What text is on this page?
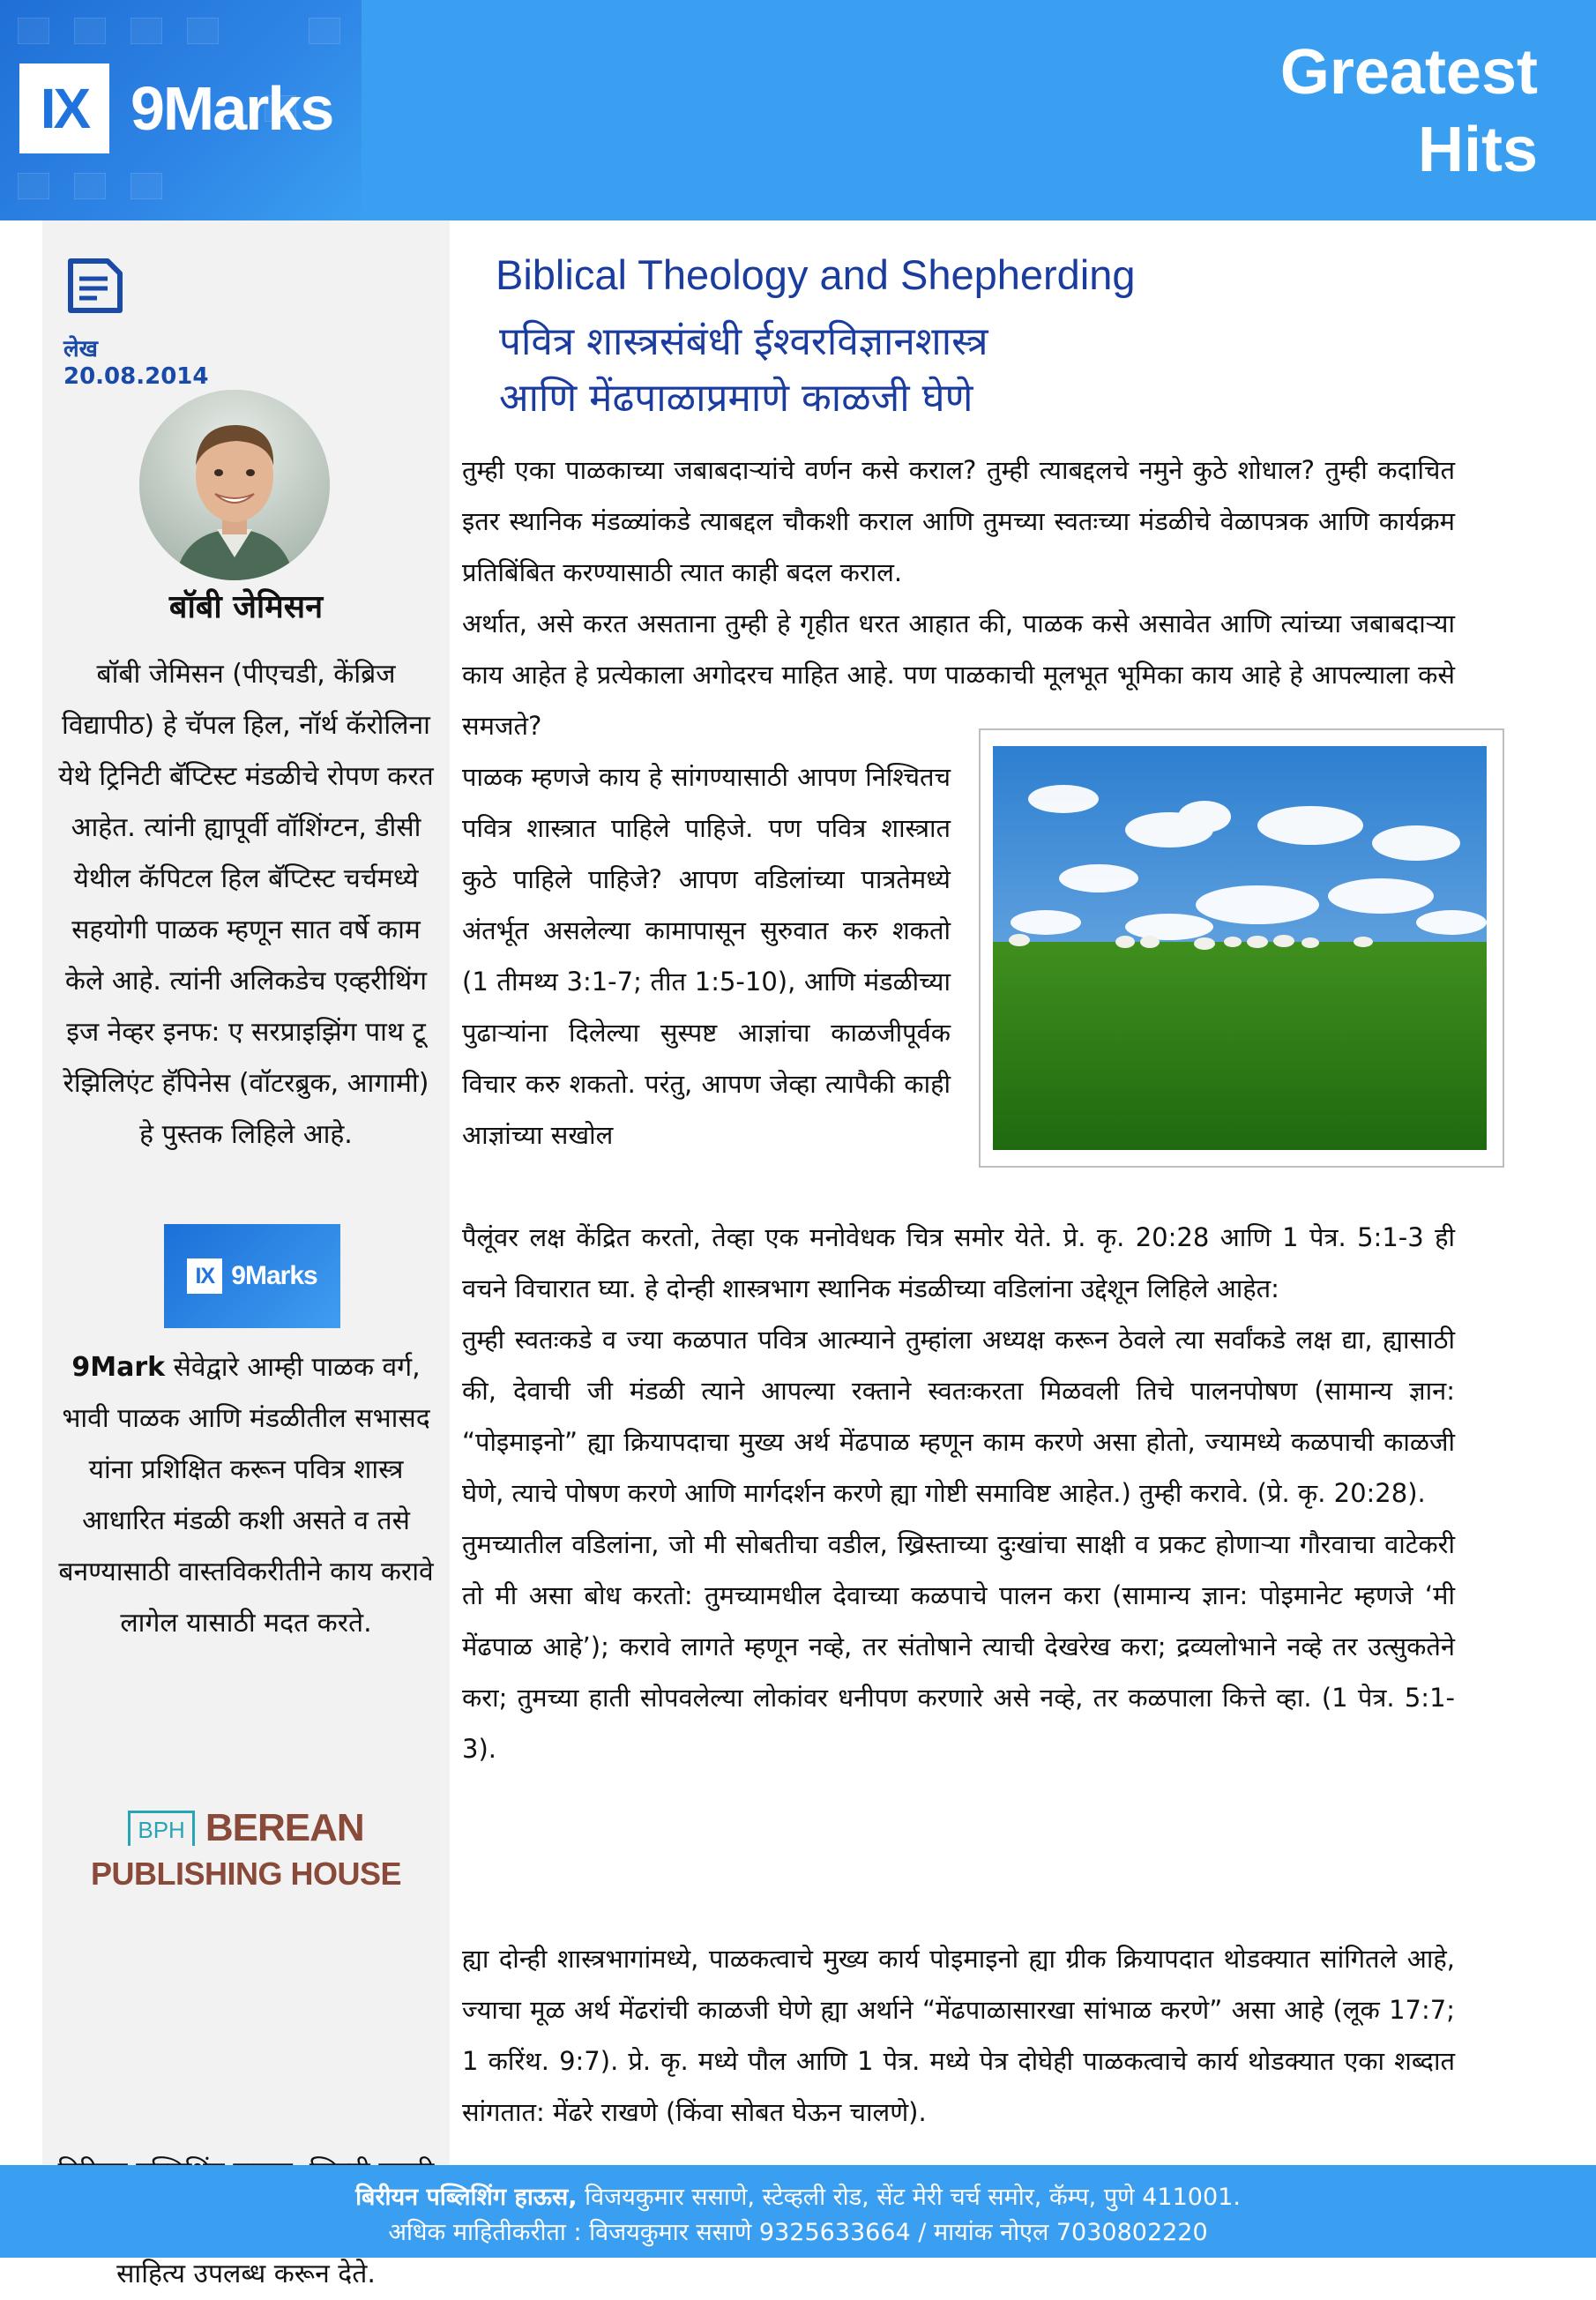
IX 9Marks
Greatest
Hits
लेख
20.08.2014
बॉबी जेमिसन
बॉबी जेमिसन (पीएचडी, केंब्रिज विद्यापीठ) हे चॅपल हिल, नॉर्थ कॅरोलिना येथे ट्रिनिटी बॅप्टिस्ट मंडळीचे रोपण करत आहेत. त्यांनी ह्यापूर्वी वॉशिंग्टन, डीसी येथील कॅपिटल हिल बॅप्टिस्ट चर्चमध्ये सहयोगी पाळक म्हणून सात वर्षे काम केले आहे. त्यांनी अलिकडेच एव्हरीथिंग इज नेव्हर इनफ: ए सरप्राइझिंग पाथ टू रेझिलिएंट हॅपिनेस (वॉटरब्रुक, आगामी) हे पुस्तक लिहिले आहे.
IX 9Marks
9Mark सेवेद्वारे आम्ही पाळक वर्ग, भावी पाळक आणि मंडळीतील सभासद यांना प्रशिक्षित करून पवित्र शास्त्र आधारित मंडळी कशी असते व तसे बनण्यासाठी वास्तविकरीतीने काय करावे लागेल यासाठी मदत करते.
BPH BEREAN
PUBLISHING HOUSE
साहित्य उपलब्ध करून देते.
Biblical Theology and Shepherding
पवित्र शास्त्रसंबंधी ईश्वरविज्ञानशास्त्र
आणि मेंढपाळाप्रमाणे काळजी घेणे

तुम्ही एका पाळकाच्या जबाबदाऱ्यांचे वर्णन कसे कराल? तुम्ही त्याबद्दलचे नमुने कुठे शोधाल? तुम्ही कदाचित इतर स्थानिक मंडळ्यांकडे त्याबद्दल चौकशी कराल आणि तुमच्या स्वतःच्या मंडळीचे वेळापत्रक आणि कार्यक्रम प्रतिबिंबित करण्यासाठी त्यात काही बदल कराल.

अर्थात, असे करत असताना तुम्ही हे गृहीत धरत आहात की, पाळक कसे असावेत आणि त्यांच्या जबाबदाऱ्या काय आहेत हे प्रत्येकाला अगोदरच माहित आहे. पण पाळकाची मूलभूत भूमिका काय आहे हे आपल्याला कसे समजते?

पाळक म्हणजे काय हे सांगण्यासाठी आपण निश्चितच पवित्र शास्त्रात पाहिले पाहिजे. पण पवित्र शास्त्रात कुठे पाहिले पाहिजे? आपण वडिलांच्या पात्रतेमध्ये अंतर्भूत असलेल्या कामापासून सुरुवात करु शकतो (1 तीमथ्य 3:1-7; तीत 1:5-10), आणि मंडळीच्या पुढाऱ्यांना दिलेल्या सुस्पष्ट आज्ञांचा काळजीपूर्वक विचार करु शकतो. परंतु, आपण जेव्हा त्यापैकी काही आज्ञांच्या सखोल

पैलूंवर लक्ष केंद्रित करतो, तेव्हा एक मनोवेधक चित्र समोर येते. प्रे. कृ. 20:28 आणि 1 पेत्र. 5:1-3 ही वचने विचारात घ्या. हे दोन्ही शास्त्रभाग स्थानिक मंडळीच्या वडिलांना उद्देशून लिहिले आहेत:

तुम्ही स्वतःकडे व ज्या कळपात पवित्र आत्म्याने तुम्हांला अध्यक्ष करून ठेवले त्या सर्वांकडे लक्ष द्या, ह्यासाठी की, देवाची जी मंडळी त्याने आपल्या रक्ताने स्वतःकरता मिळवली तिचे पालनपोषण (सामान्य ज्ञान: “पोइमाइनो” ह्या क्रियापदाचा मुख्य अर्थ मेंढपाळ म्हणून काम करणे असा होतो, ज्यामध्ये कळपाची काळजी घेणे, त्याचे पोषण करणे आणि मार्गदर्शन करणे ह्या गोष्टी समाविष्ट आहेत.) तुम्ही करावे. (प्रे. कृ. 20:28).

तुमच्यातील वडिलांना, जो मी सोबतीचा वडील, ख्रिस्ताच्या दुःखांचा साक्षी व प्रकट होणाऱ्या गौरवाचा वाटेकरी तो मी असा बोध करतो: तुमच्यामधील देवाच्या कळपाचे पालन करा (सामान्य ज्ञान: पोइमानेट म्हणजे ‘मी मेंढपाळ आहे’); करावे लागते म्हणून नव्हे, तर संतोषाने त्याची देखरेख करा; द्रव्यलोभाने नव्हे तर उत्सुकतेने करा; तुमच्या हाती सोपवलेल्या लोकांवर धनीपण करणारे असे नव्हे, तर कळपाला कित्ते व्हा. (1 पेत्र. 5:1-3).

ह्या दोन्ही शास्त्रभागांमध्ये, पाळकत्वाचे मुख्य कार्य पोइमाइनो ह्या ग्रीक क्रियापदात थोडक्यात सांगितले आहे, ज्याचा मूळ अर्थ मेंढरांची काळजी घेणे ह्या अर्थाने “मेंढपाळासारखा सांभाळ करणे” असा आहे (लूक 17:7; 1 करिंथ. 9:7). प्रे. कृ. मध्ये पौल आणि 1 पेत्र. मध्ये पेत्र दोघेही पाळकत्वाचे कार्य थोडक्यात एका शब्दात सांगतात: मेंढरे राखणे (किंवा सोबत घेऊन चालणे).

बिरीयन पब्लिशिंग हाऊस, विजयकुमार ससाणे, स्टेव्हली रोड, सेंट मेरी चर्च समोर, कॅम्प, पुणे 411001.
अधिक माहितीकरीता : विजयकुमार ससाणे 9325633664 / मायांक नोएल 7030802220
